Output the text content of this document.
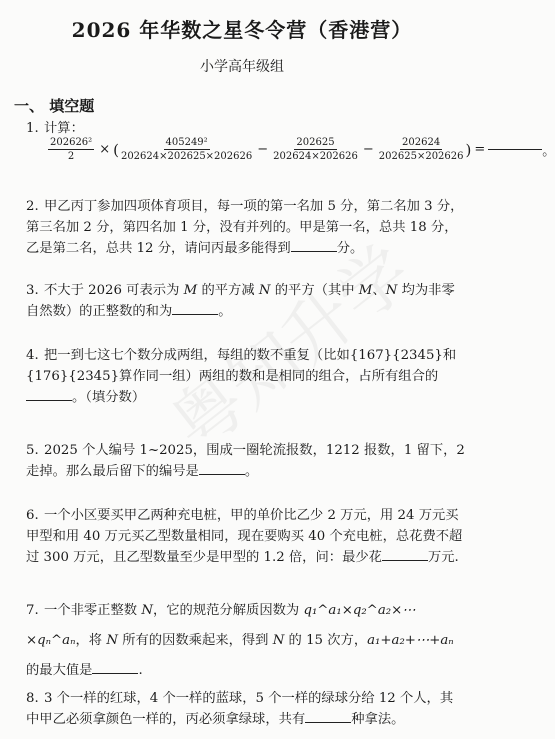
2026 年华数之星冬令营（香港营）
小学高年级组
一、 填空题
1. 计算：
$\frac{\text{202626²}}{2}$ × ( $\frac{\text{405249²}}{202624\times 202625\times 202626} - \frac{202625}{202624\times 202626} - \frac{202624}{202625\times 202626}$ ) =	。
2. 甲乙丙丁参加四项体育项目，每一项的第一名加 5 分，第二名加 3 分，第三名加 2 分，第四名加 1 分，没有并列的。甲是第一名，总共 18 分，乙是第二名，总共 12 分，请问丙最多能得到	分。
3. 不大于 2026 可表示为 M 的平方减 N 的平方（其中 M、N 均为非零自然数）的正整数的和为	。
4. 把一到七这七个数分成两组，每组的数不重复（比如{167}{2345}和{176}{2345}算作同一组）两组的数和是相同的组合，占所有组合的。（填分数）
5. 2025 个人编号 1~2025，围成一圈轮流报数，1212 报数，1 留下，2 走掉。那么最后留下的编号是	。
6. 一个小区要买甲乙两种充电桩，甲的单价比乙少 2 万元，用 24 万元买甲型和用 40 万元买乙型数量相同，现在要购买 40 个充电桩，总花费不超过 300 万元，且乙型数量至少是甲型的 1.2 倍，问：最少花	万元.
7. 一个非零正整数 N，它的规范分解质因数为 q₁^a₁×q₂^a₂×⋯×qₙ^aₙ，将 N 所有的因数乘起来，得到 N 的 15 次方，a₁+a₂+⋯+aₙ 的最大值是	.
8. 3 个一样的红球，4 个一样的蓝球，5 个一样的绿球分给 12 个人，其中甲乙必须拿颜色一样的，丙必须拿绿球，共有	种拿法。
